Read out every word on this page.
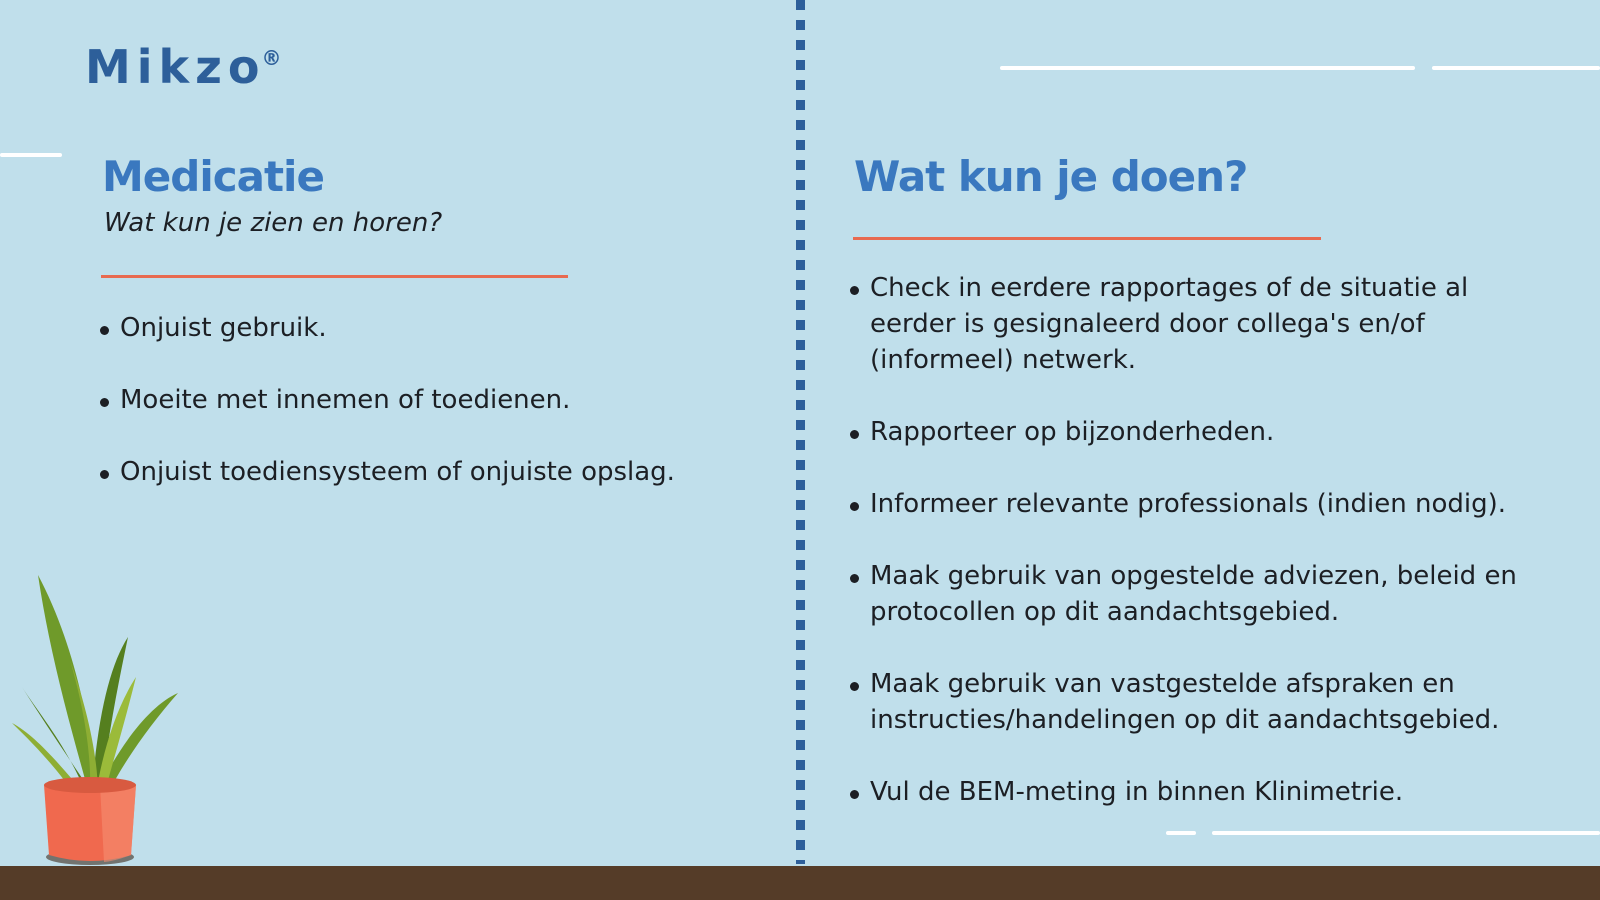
Mikzo®
Medicatie

Wat kun je zien en horen?

Onjuist gebruik.
Moeite met innemen of toedienen.
Onjuist toediensysteem of onjuiste opslag.
Wat kun je doen?
Check in eerdere rapportages of de situatie al eerder is gesignaleerd door collega's en/of (informeel) netwerk.
Rapporteer op bijzonderheden.
Informeer relevante professionals (indien nodig).
Maak gebruik van opgestelde adviezen, beleid en protocollen op dit aandachtsgebied.
Maak gebruik van vastgestelde afspraken en instructies/handelingen op dit aandachtsgebied.
Vul de BEM-meting in binnen Klinimetrie.
